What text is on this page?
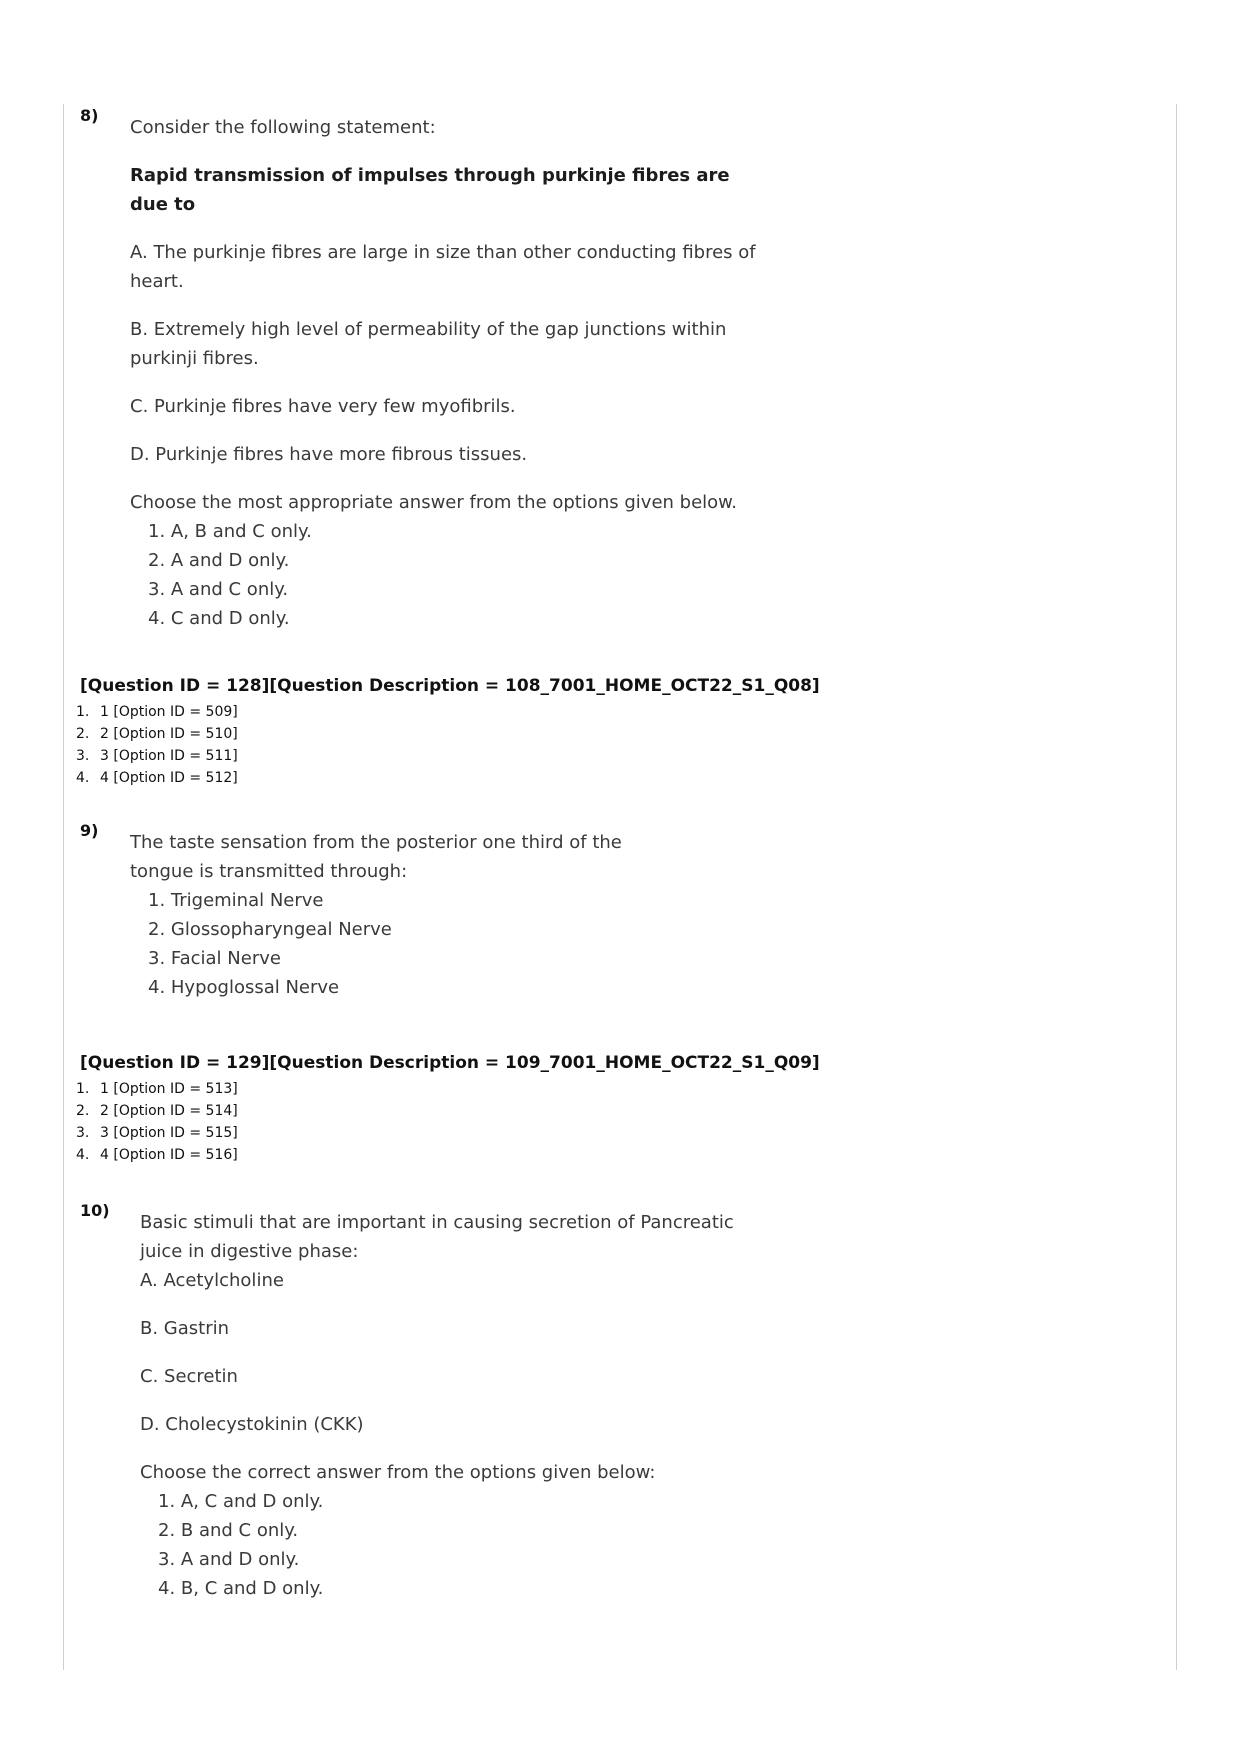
8)

Consider the following statement:

Rapid transmission of impulses through purkinje fibres are due to

A. The purkinje fibres are large in size than other conducting fibres of heart.

B. Extremely high level of permeability of the gap junctions within purkinji fibres.

C. Purkinje fibres have very few myofibrils.

D. Purkinje fibres have more fibrous tissues.

Choose the most appropriate answer from the options given below.
1. A, B and C only.
2. A and D only.
3. A and C only.
4. C and D only.
[Question ID = 128][Question Description = 108_7001_HOME_OCT22_S1_Q08]
1. 1 [Option ID = 509]
2. 2 [Option ID = 510]
3. 3 [Option ID = 511]
4. 4 [Option ID = 512]
9)
The taste sensation from the posterior one third of the tongue is transmitted through:
1. Trigeminal Nerve
2. Glossopharyngeal Nerve
3. Facial Nerve
4. Hypoglossal Nerve
[Question ID = 129][Question Description = 109_7001_HOME_OCT22_S1_Q09]
1. 1 [Option ID = 513]
2. 2 [Option ID = 514]
3. 3 [Option ID = 515]
4. 4 [Option ID = 516]
10)
Basic stimuli that are important in causing secretion of Pancreatic juice in digestive phase:

A. Acetylcholine

B. Gastrin

C. Secretin

D. Cholecystokinin (CKK)

Choose the correct answer from the options given below:
1. A, C and D only.
2. B and C only.
3. A and D only.
4. B, C and D only.
